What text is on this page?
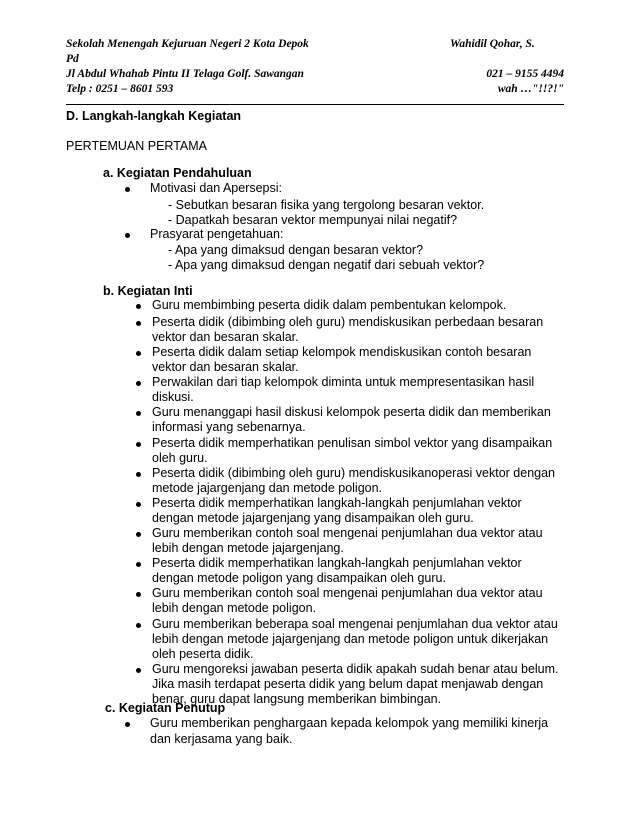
Sekolah Menengah Kejuruan Negeri 2 Kota Depok	Wahidil Qohar, S.
Pd
Jl Abdul Whahab Pintu II Telaga Golf. Sawangan	021 – 9155 4494
Telp : 0251 – 8601 593	wah …"!!?!"
D. Langkah-langkah Kegiatan
PERTEMUAN PERTAMA
a. Kegiatan Pendahuluan
Motivasi dan Apersepsi:
- Sebutkan besaran fisika yang tergolong besaran vektor.
- Dapatkah besaran vektor mempunyai nilai negatif?
Prasyarat pengetahuan:
- Apa yang dimaksud dengan besaran vektor?
- Apa yang dimaksud dengan negatif dari sebuah vektor?
b. Kegiatan Inti
Guru membimbing peserta didik dalam pembentukan kelompok.
Peserta didik (dibimbing oleh guru) mendiskusikan perbedaan besaran
vektor dan besaran skalar.
Peserta didik dalam setiap kelompok mendiskusikan contoh besaran
vektor dan besaran skalar.
Perwakilan dari tiap kelompok diminta untuk mempresentasikan hasil
diskusi.
Guru menanggapi hasil diskusi kelompok peserta didik dan memberikan
informasi yang sebenarnya.
Peserta didik memperhatikan penulisan simbol vektor yang disampaikan
oleh guru.
Peserta didik (dibimbing oleh guru) mendiskusikanoperasi vektor dengan
metode jajargenjang dan metode poligon.
Peserta didik memperhatikan langkah-langkah penjumlahan vektor
dengan metode jajargenjang yang disampaikan oleh guru.
Guru memberikan contoh soal mengenai penjumlahan dua vektor atau
lebih dengan metode jajargenjang.
Peserta didik memperhatikan langkah-langkah penjumlahan vektor
dengan metode poligon yang disampaikan oleh guru.
Guru memberikan contoh soal mengenai penjumlahan dua vektor atau
lebih dengan metode poligon.
Guru memberikan beberapa soal mengenai penjumlahan dua vektor atau
lebih dengan metode jajargenjang dan metode poligon untuk dikerjakan
oleh peserta didik.
Guru mengoreksi jawaban peserta didik apakah sudah benar atau belum.
Jika masih terdapat peserta didik yang belum dapat menjawab dengan
benar, guru dapat langsung memberikan bimbingan.
c. Kegiatan Penutup
Guru memberikan penghargaan kepada kelompok yang memiliki kinerja
dan kerjasama yang baik.
